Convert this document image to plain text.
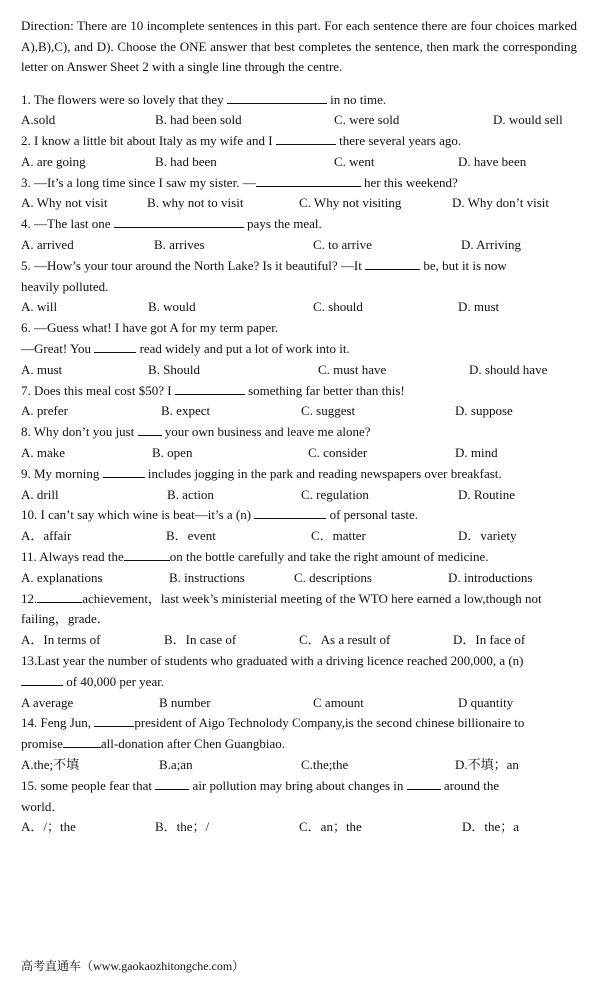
Direction: There are 10 incomplete sentences in this part. For each sentence there are four choices marked A),B),C), and D). Choose the ONE answer that best completes the sentence, then mark the corresponding letter on Answer Sheet 2 with a single line through the centre.

1. The flowers were so lovely that they	in no time.
A.sold	B. had been sold	C. were sold	D. would sell
2. I know a little bit about Italy as my wife and I	there several years ago.
A. are going	B. had been	C. went	D. have been
3. —It’s a long time since I saw my sister. —	her this weekend?
A. Why not visit	B. why not to visit	C. Why not visiting	D. Why don’t visit
4. —The last one	pays the meal.
A. arrived	B. arrives	C. to arrive	D. Arriving
5. —How’s your tour around the North Lake? Is it beautiful? —It	be, but it is now
heavily polluted.
A. will	B. would	C. should	D. must
6. —Guess what! I have got A for my term paper.
—Great! You	read widely and put a lot of work into it.
A. must	B. Should	C. must have	D. should have
7. Does this meal cost $50? I	something far better than this!
A. prefer	B. expect	C. suggest	D. suppose
8. Why don’t you just  your own business and leave me alone?
A. make	B. open	C. consider	D. mind
9. My morning	includes jogging in the park and reading newspapers over breakfast.
A. drill	B. action	C. regulation	D. Routine
10. I can’t say which wine is beat—it’s a (n)	of personal taste.
A．affair	B．event	C．matter	D．variety
11. Always read the	on the bottle carefully and take the right amount of medicine.
A. explanations	B. instructions	C. descriptions	D. introductions
12.	achievement，last week’s ministerial meeting of the WTO here earned a low,though not
failing，grade．
A．In terms of	B．In case of	C．As a result of	D．In face of
13.Last year the number of students who graduated with a driving licence reached 200,000, a (n)
of 40,000 per year.
A average	B number	C amount	D quantity
14. Feng Jun,	president of Aigo Technolody Company,is the second chinese billionaire to
promise	all-donation after Chen Guangbiao.
A.the;不填	B.a;an	C.the;the	D.不填；an
15. some people fear that	air pollution may bring about changes in	around the
world．
A．/；the	B．the；/	C．an；the	D．the；a
高考直通车（www.gaokaozhitongche.com）
